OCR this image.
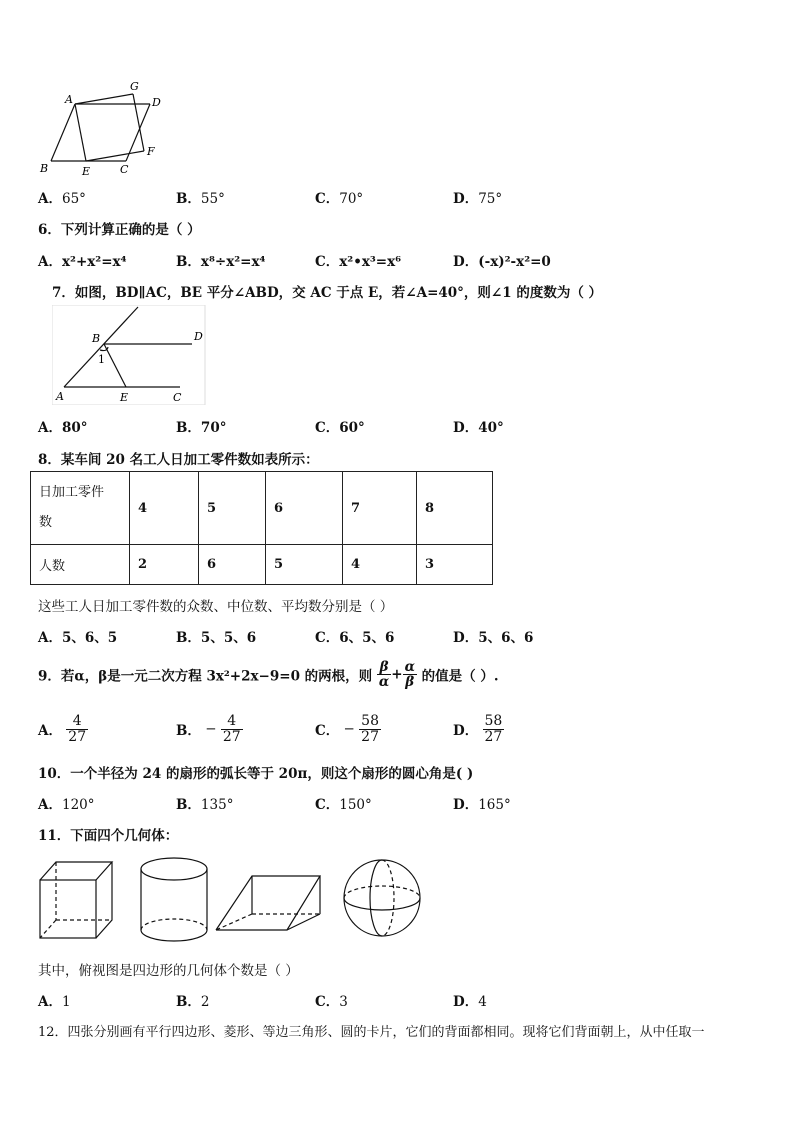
A
G
D
B	E	C
F
A．65°	B．55°	C．70°	D．75°
6．下列计算正确的是（ ）
A．x²+x²=x⁴	B．x⁸÷x²=x⁴	C．x²•x³=x⁶	D．(-x)²-x²=0
7．如图，BD∥AC，BE 平分∠ABD，交 AC 于点 E，若∠A=40°，则∠1 的度数为（ ）
B	D
1
A	E	C
A．80°	B．70°	C．60°	D．40°
8．某车间 20 名工人日加工零件数如表所示：
日加工零件
数	4	5	6	7	8
人数	2	6	5	4	3
这些工人日加工零件数的众数、中位数、平均数分别是（ ）
A．5、6、5	B．5、5、6	C．6、5、6	D．5、6、6
9．若α，β是一元二次方程 3x²+2x−9=0 的两根，则 $\frac{\beta}{\alpha} + \frac{\alpha}{\beta}$ 的值是（ ）.
A． $\frac{4}{27}$	B． − $\frac{4}{27}$	C． − $\frac{58}{27}$	D． $\frac{58}{27}$
10．一个半径为 24 的扇形的弧长等于 20π，则这个扇形的圆心角是( )
A．120°	B．135°	C．150°	D．165°
11．下面四个几何体：
其中，俯视图是四边形的几何体个数是（ ）
A．1	B．2	C．3	D．4
12．四张分别画有平行四边形、菱形、等边三角形、圆的卡片，它们的背面都相同。现将它们背面朝上，从中任取一
